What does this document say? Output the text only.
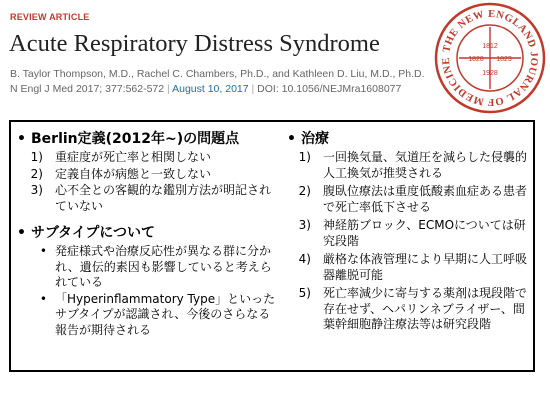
REVIEW ARTICLE
Acute Respiratory Distress Syndrome

B. Taylor Thompson, M.D., Rachel C. Chambers, Ph.D., and Kathleen D. Liu, M.D., Ph.D.

N Engl J Med 2017; 377:562-572 | August 10, 2017 | DOI: 10.1056/NEJMra1608077
THE NEW ENGLAND JOURNAL OF MEDICINE
1812
1828 1823
1928
• Berlin定義(2012年~)の問題点
1)	重症度が死亡率と相関しない
2)	定義自体が病態と一致しない
3)	心不全との客観的な鑑別方法が明記されていない
• サブタイプについて
• 発症様式や治療反応性が異なる群に分かれ、遺伝的素因も影響していると考えられている
• 「Hyperinflammatory Type」といったサブタイプが認識され、今後のさらなる報告が期待される
• 治療
1)	一回換気量、気道圧を減らした侵襲的人工換気が推奨される
2)	腹臥位療法は重度低酸素血症ある患者で死亡率低下させる
3)	神経筋ブロック、ECMOについては研究段階
4)	厳格な体液管理により早期に人工呼吸器離脱可能
5)	死亡率減少に寄与する薬剤は現段階で存在せず、ヘパリンネブライザー、間葉幹細胞静注療法等は研究段階
